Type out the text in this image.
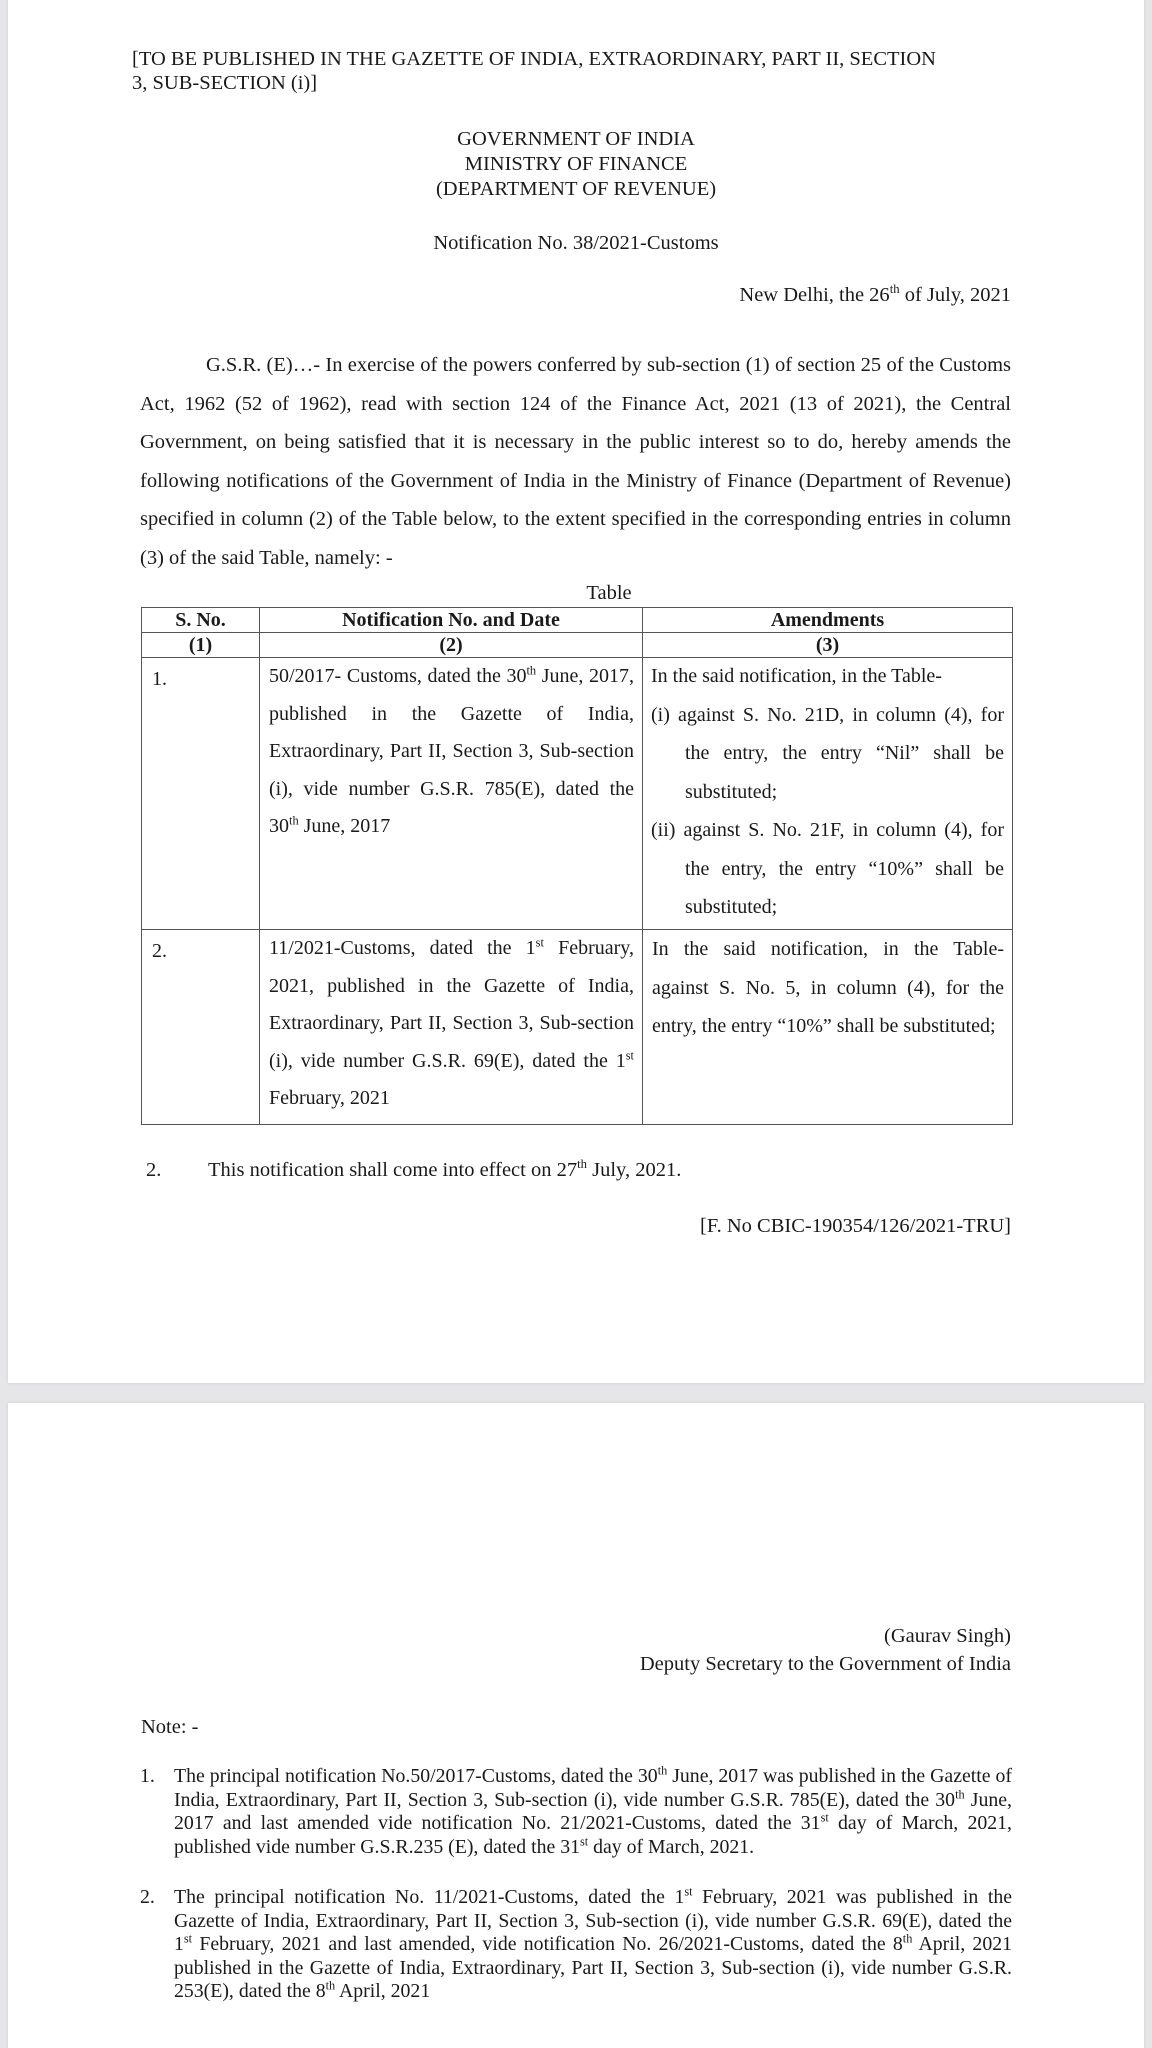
[TO BE PUBLISHED IN THE GAZETTE OF INDIA, EXTRAORDINARY, PART II, SECTION
3, SUB-SECTION (i)]
GOVERNMENT OF INDIA
MINISTRY OF FINANCE
(DEPARTMENT OF REVENUE)
Notification No. 38/2021-Customs
New Delhi, the 26th of July, 2021

G.S.R. (E)…- In exercise of the powers conferred by sub-section (1) of section 25 of the Customs Act, 1962 (52 of 1962), read with section 124 of the Finance Act, 2021 (13 of 2021), the Central Government, on being satisfied that it is necessary in the public interest so to do, hereby amends the following notifications of the Government of India in the Ministry of Finance (Department of Revenue) specified in column (2) of the Table below, to the extent specified in the corresponding entries in column (3) of the said Table, namely: -

Table
S. No.	Notification No. and Date	Amendments
(1)	(2)	(3)
1.	50/2017- Customs, dated the 30th June, 2017, published in the Gazette of India, Extraordinary, Part II, Section 3, Sub-section (i), vide number G.S.R. 785(E), dated the 30th June, 2017	In the said notification, in the Table-
(i) against S. No. 21D, in column (4), for the entry, the entry “Nil” shall be substituted;
(ii) against S. No. 21F, in column (4), for the entry, the entry “10%” shall be substituted;

2.	11/2021-Customs, dated the 1st February, 2021, published in the Gazette of India, Extraordinary, Part II, Section 3, Sub-section (i), vide number G.S.R. 69(E), dated the 1st February, 2021	In the said notification, in the Table- against S. No. 5, in column (4), for the entry, the entry “10%” shall be substituted;
2. This notification shall come into effect on 27th July, 2021.
[F. No CBIC-190354/126/2021-TRU]
(Gaurav Singh)
Deputy Secretary to the Government of India
Note: -
1. The principal notification No.50/2017-Customs, dated the 30th June, 2017 was published in the Gazette of India, Extraordinary, Part II, Section 3, Sub-section (i), vide number G.S.R. 785(E), dated the 30th June, 2017 and last amended vide notification No. 21/2021-Customs, dated the 31st day of March, 2021, published vide number G.S.R.235 (E), dated the 31st day of March, 2021.
2. The principal notification No. 11/2021-Customs, dated the 1st February, 2021 was published in the Gazette of India, Extraordinary, Part II, Section 3, Sub-section (i), vide number G.S.R. 69(E), dated the 1st February, 2021 and last amended, vide notification No. 26/2021-Customs, dated the 8th April, 2021 published in the Gazette of India, Extraordinary, Part II, Section 3, Sub-section (i), vide number G.S.R. 253(E), dated the 8th April, 2021
